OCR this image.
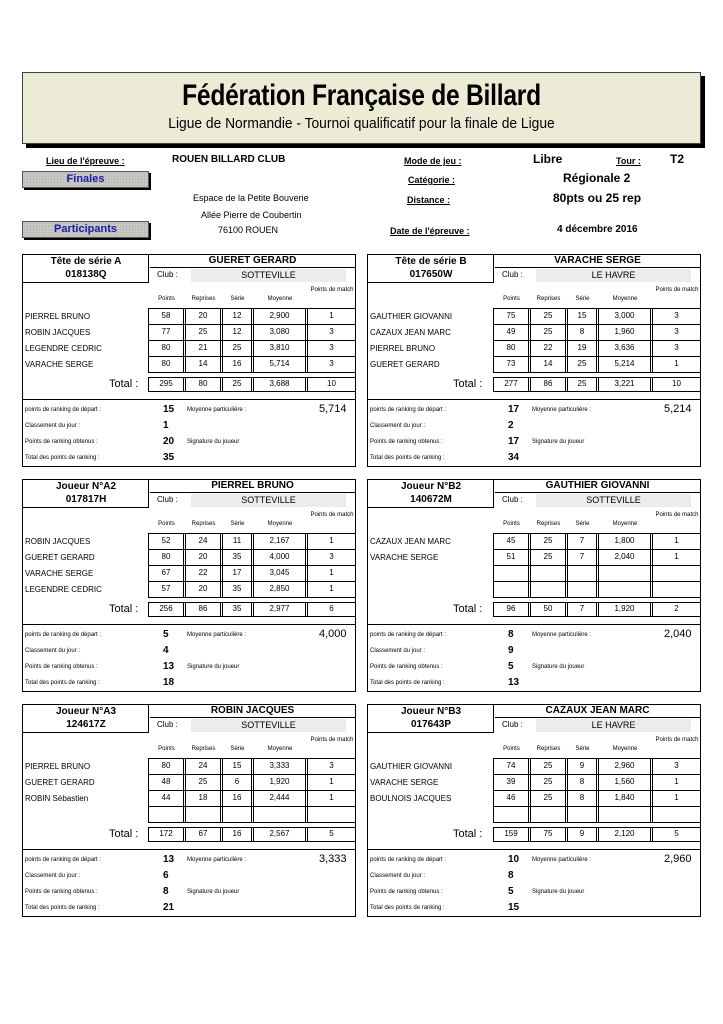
Fédération Française de Billard
Ligue de Normandie - Tournoi qualificatif pour la finale de Ligue
Lieu de l'épreuve :	ROUEN BILLARD CLUB
Finales
Espace de la Petite Bouverie
Allée Pierre de Coubertin
76100 ROUEN
Participants
Mode de jeu :	Libre	Tour : T2
Catégorie :	Régionale 2
Distance :	80pts ou 25 rep
Date de l'épreuve :	4 décembre 2016
Tête de série A
018138Q
GUERET GERARD
Club :	SOTTEVILLE
Points	Reprises	Série	Moyenne
Points de match
PIERREL BRUNO	58	20	12	2,900	1
ROBIN JACQUES	77	25	12	3,080	3
LEGENDRE CEDRIC	80	21	25	3,810	3
VARACHE SERGE	80	14	16	5,714	3
Total :	295	80	25	3,688	10
points de ranking de départ :	15 Moyenne particulière :	5,714
Classement du jour :	1
Points de ranking obtenus :	20 Signature du joueur
Total des points de ranking :	35
Tête de série B
017650W
VARACHE SERGE
Club :	LE HAVRE
Points	Reprises	Série	Moyenne
Points de match
GAUTHIER GIOVANNI	75	25	15	3,000	3
CAZAUX JEAN MARC	49	25	8	1,960	3
PIERREL BRUNO	80	22	19	3,636	3
GUERET GERARD	73	14	25	5,214	1
Total :	277	86	25	3,221	10
points de ranking de départ :	17 Moyenne particulière :	5,214
Classement du jour :	2
Points de ranking obtenus :	17 Signature du joueur
Total des points de ranking :	34
Joueur N°A2
017817H
PIERREL BRUNO
Club :	SOTTEVILLE
Points	Reprises	Série	Moyenne
Points de match
ROBIN JACQUES	52	24	11	2,167	1
GUERET GERARD	80	20	35	4,000	3
VARACHE SERGE	67	22	17	3,045	1
LEGENDRE CEDRIC	57	20	35	2,850	1
Total :	256	86	35	2,977	6
points de ranking de départ :	5	Moyenne particulière :	4,000
Classement du jour :	4
Points de ranking obtenus :	13 Signature du joueur
Total des points de ranking :	18
Joueur N°B2
140672M
GAUTHIER GIOVANNI
Club :	SOTTEVILLE
Points	Reprises	Série	Moyenne
Points de match
CAZAUX JEAN MARC	45	25	7	1,800	1
VARACHE SERGE	51	25	7	2,040	1
Total :	96	50	7	1,920	2
points de ranking de départ :	8	Moyenne particulière :	2,040
Classement du jour :	9
Points de ranking obtenus :	5	Signature du joueur
Total des points de ranking :	13
Joueur N°A3
124617Z
ROBIN JACQUES
Club :	SOTTEVILLE
Points	Reprises	Série	Moyenne
Points de match
PIERREL BRUNO	80	24	15	3,333	3
GUERET GERARD	48	25	6	1,920	1
ROBIN Sébastien	44	18	16	2,444	1
Total :	172	67	16	2,567	5
points de ranking de départ :	13 Moyenne particulière :	3,333
Classement du jour :	6
Points de ranking obtenus :	8	Signature du joueur
Total des points de ranking :	21
Joueur N°B3
017643P
CAZAUX JEAN MARC
Club :	LE HAVRE
Points	Reprises	Série	Moyenne
Points de match
GAUTHIER GIOVANNI	74	25	9	2,960	3
VARACHE SERGE	39	25	8	1,560	1
BOULNOIS JACQUES	46	25	8	1,840	1
Total :	159	75	9	2,120	5
points de ranking de départ :	10 Moyenne particulière :	2,960
Classement du jour :	8
Points de ranking obtenus :	5	Signature du joueur
Total des points de ranking :	15
